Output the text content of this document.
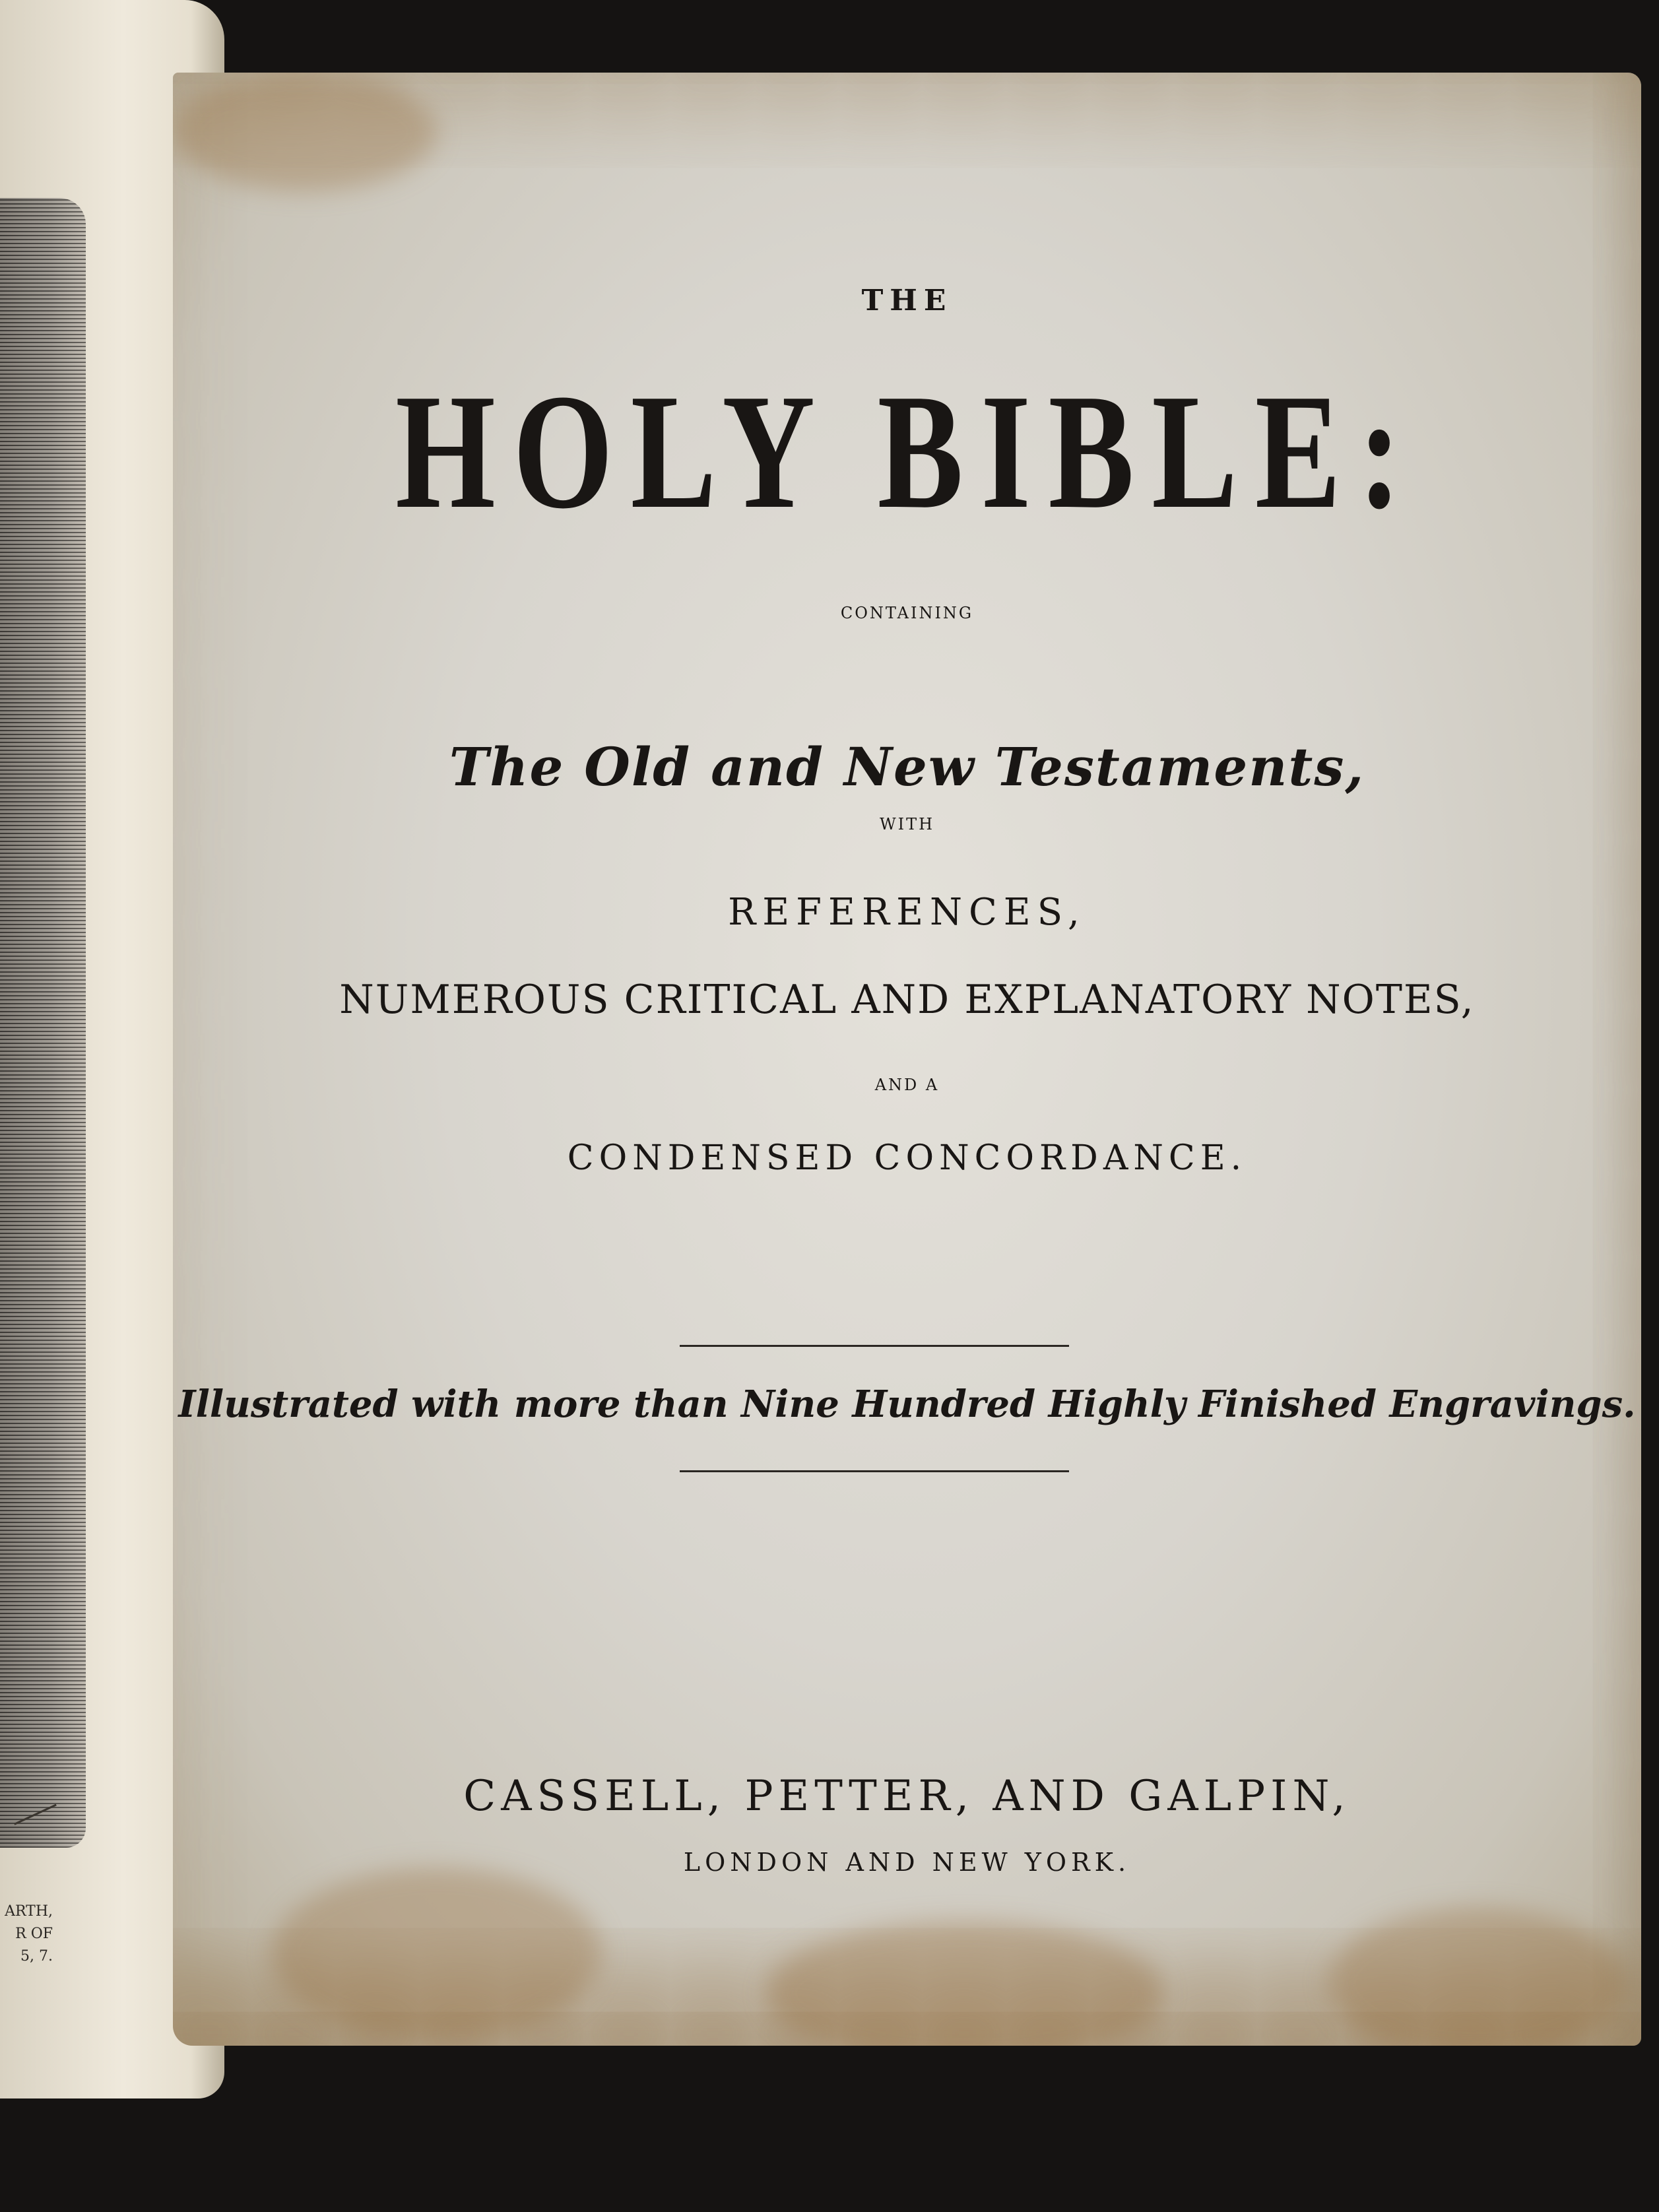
ARTH,
R OF
5, 7.
THE
HOLY BIBLE:
CONTAINING
The Old and New Testaments,
WITH
REFERENCES,
NUMEROUS CRITICAL AND EXPLANATORY NOTES,
AND A
CONDENSED CONCORDANCE.
Illustrated with more than Nine Hundred Highly Finished Engravings.
CASSELL, PETTER, AND GALPIN,
LONDON AND NEW YORK.
